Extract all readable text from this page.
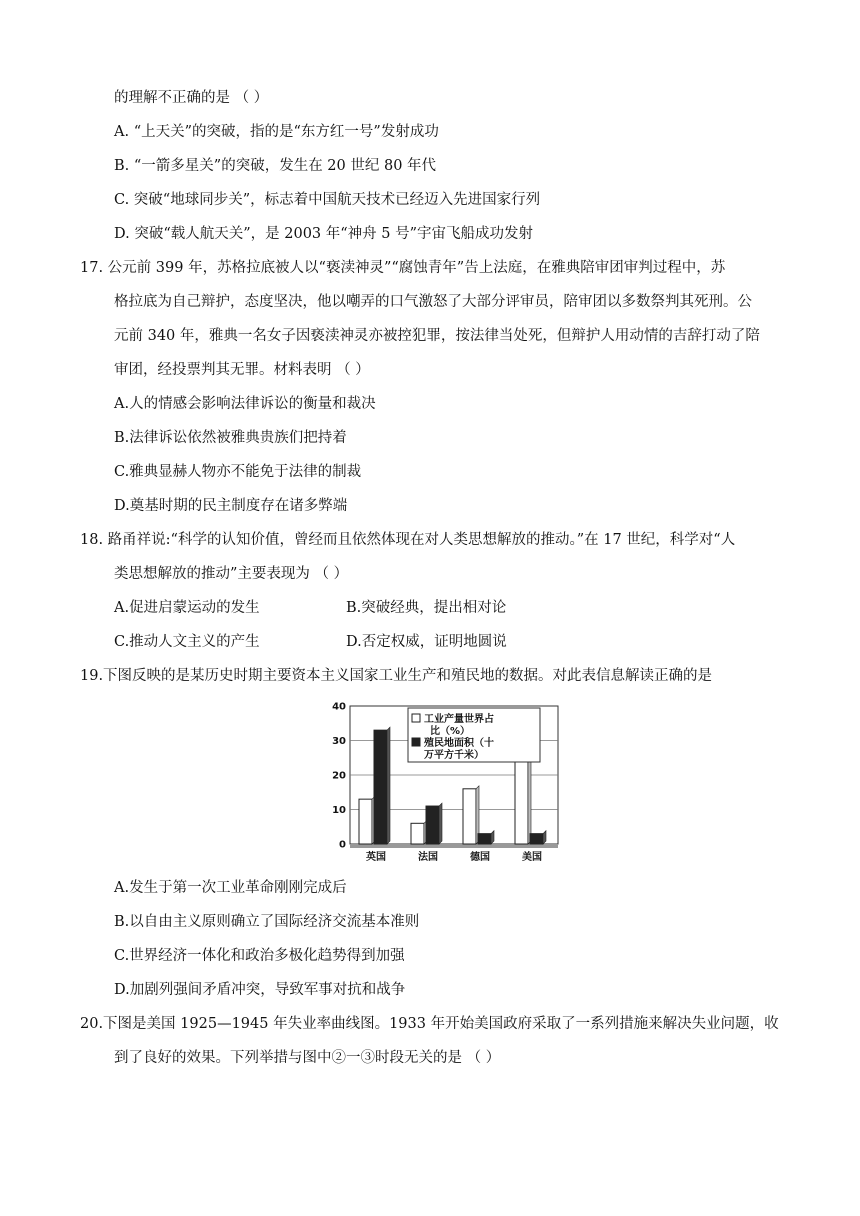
的理解不正确的是 （ ）
A. “上天关”的突破，指的是“东方红一号”发射成功
B. “一箭多星关”的突破，发生在 20 世纪 80 年代
C. 突破“地球同步关”，标志着中国航天技术已经迈入先进国家行列
D. 突破“载人航天关”，是 2003 年“神舟 5 号”宇宙飞船成功发射
17. 公元前 399 年，苏格拉底被人以“亵渎神灵”“腐蚀青年”告上法庭，在雅典陪审团审判过程中，苏
格拉底为自己辩护，态度坚决，他以嘲弄的口气激怒了大部分评审员，陪审团以多数祭判其死刑。公
元前 340 年，雅典一名女子因亵渎神灵亦被控犯罪，按法律当处死，但辩护人用动情的吉辞打动了陪
审团，经投票判其无罪。材料表明 （ ）
A.人的情感会影响法律诉讼的衡量和裁决
B.法律诉讼依然被雅典贵族们把持着
C.雅典显赫人物亦不能免于法律的制裁
D.奠基时期的民主制度存在诸多弊端
18. 路甬祥说:“科学的认知价值，曾经而且依然体现在对人类思想解放的推动。”在 17 世纪，科学对“人
类思想解放的推动”主要表现为 （ ）
A.促进启蒙运动的发生	B.突破经典，提出相对论
C.推动人文主义的产生	D.否定权威，证明地圆说
19.下图反映的是某历史时期主要资本主义国家工业生产和殖民地的数据。对此表信息解读正确的是
0
10
20
30
40
英国	法国	德国	美国
工业产量世界占
比（%）
殖民地面积（十
万平方千米）
A.发生于第一次工业革命刚刚完成后
B.以自由主义原则确立了国际经济交流基本准则
C.世界经济一体化和政治多极化趋势得到加强
D.加剧列强间矛盾冲突，导致军事对抗和战争
20.下图是美国 1925—1945 年失业率曲线图。1933 年开始美国政府采取了一系列措施来解决失业问题，收
到了良好的效果。下列举措与图中②一③时段无关的是 （ ）
